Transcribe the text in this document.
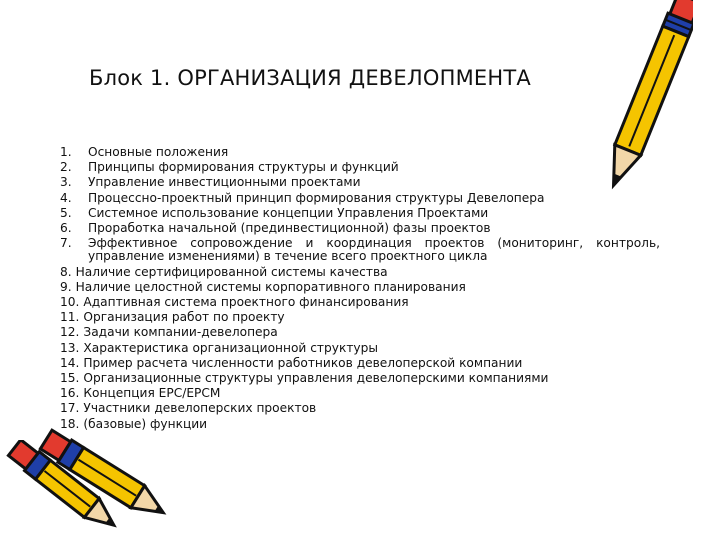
Блок 1. ОРГАНИЗАЦИЯ ДЕВЕЛОПМЕНТА
1.	Основные положения
2.	Принципы формирования структуры и функций
3.	Управление инвестиционными проектами
4.	Процессно-проектный принцип формирования структуры Девелопера
5.	Системное использование концепции Управления Проектами
6.	Проработка начальной (прединвестиционной) фазы проектов
7.	Эффективное сопровождение и координация проектов (мониторинг, контроль,
управление изменениями) в течение всего проектного цикла
8. Наличие сертифицированной системы качества
9. Наличие целостной системы корпоративного планирования
10. Адаптивная система проектного финансирования
11. Организация работ по проекту
12. Задачи компании-девелопера
13. Характеристика организационной структуры
14. Пример расчета численности работников девелоперской компании
15. Организационные структуры управления девелоперскими компаниями
16. Концепция EPC/EPCM
17. Участники девелоперских проектов
18. (базовые) функции
